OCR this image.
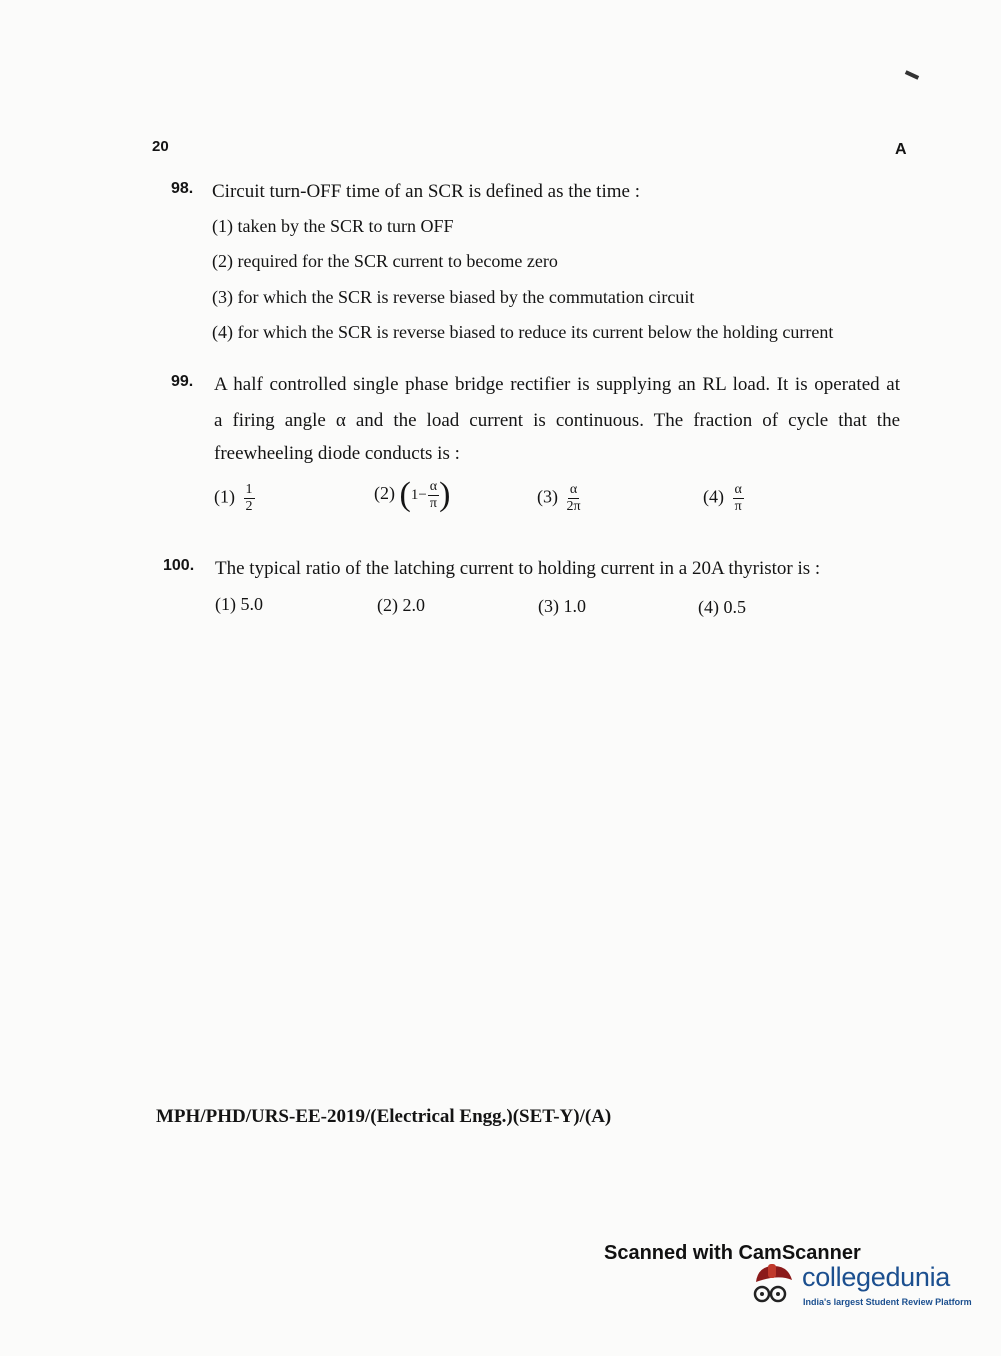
20	A
98. Circuit turn-OFF time of an SCR is defined as the time :
(1) taken by the SCR to turn OFF
(2) required for the SCR current to become zero
(3) for which the SCR is reverse biased by the commutation circuit
(4) for which the SCR is reverse biased to reduce its current below the holding current
99. A half controlled single phase bridge rectifier is supplying an RL load. It is operated at
a firing angle α and the load current is continuous. The fraction of cycle that the
freewheeling diode conducts is :
$(1) \frac{1}{2}$	(2) ( $1- \frac{\alpha}{\pi}$ )	$(3) \frac{\alpha}{2\pi}$	$(4) \frac{\alpha}{\pi}$
100. The typical ratio of the latching current to holding current in a 20A thyristor is :
(1) 5.0	(2) 2.0	(3) 1.0	(4) 0.5
MPH/PHD/URS-EE-2019/(Electrical Engg.)(SET-Y)/(A)
Scanned with CamScanner
collegedunia
India's largest Student Review Platform
